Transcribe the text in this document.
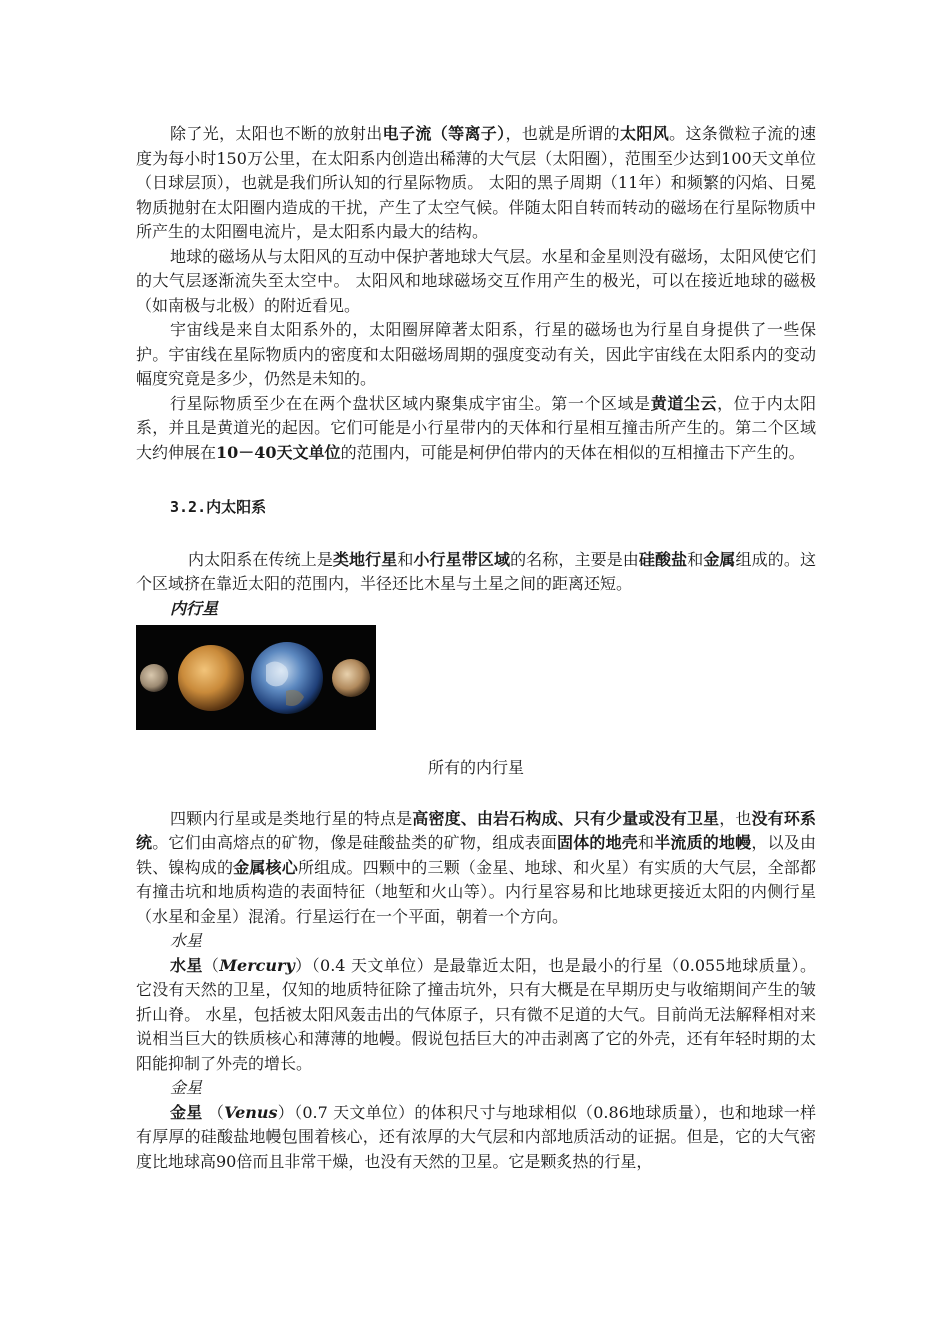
除了光，太阳也不断的放射出电子流（等离子），也就是所谓的太阳风。这条微粒子流的速度为每小时150万公里，在太阳系内创造出稀薄的大气层（太阳圈），范围至少达到100天文单位（日球层顶），也就是我们所认知的行星际物质。 太阳的黑子周期（11年）和频繁的闪焰、日冕物质抛射在太阳圈内造成的干扰，产生了太空气候。伴随太阳自转而转动的磁场在行星际物质中所产生的太阳圈电流片，是太阳系内最大的结构。

地球的磁场从与太阳风的互动中保护著地球大气层。水星和金星则没有磁场，太阳风使它们的大气层逐渐流失至太空中。 太阳风和地球磁场交互作用产生的极光，可以在接近地球的磁极（如南极与北极）的附近看见。

宇宙线是来自太阳系外的，太阳圈屏障著太阳系，行星的磁场也为行星自身提供了一些保护。宇宙线在星际物质内的密度和太阳磁场周期的强度变动有关，因此宇宙线在太阳系内的变动幅度究竟是多少，仍然是未知的。

行星际物质至少在在两个盘状区域内聚集成宇宙尘。第一个区域是黄道尘云，位于内太阳系，并且是黄道光的起因。它们可能是小行星带内的天体和行星相互撞击所产生的。第二个区域大约伸展在10－40天文单位的范围内，可能是柯伊伯带内的天体在相似的互相撞击下产生的。

3.2.内太阳系

内太阳系在传统上是类地行星和小行星带区域的名称，主要是由硅酸盐和金属组成的。这个区域挤在靠近太阳的范围内，半径还比木星与土星之间的距离还短。

内行星

所有的内行星

四颗内行星或是类地行星的特点是高密度、由岩石构成、只有少量或没有卫星，也没有环系统。它们由高熔点的矿物，像是硅酸盐类的矿物，组成表面固体的地壳和半流质的地幔，以及由铁、镍构成的金属核心所组成。四颗中的三颗（金星、地球、和火星）有实质的大气层，全部都有撞击坑和地质构造的表面特征（地堑和火山等）。内行星容易和比地球更接近太阳的内侧行星（水星和金星）混淆。行星运行在一个平面，朝着一个方向。

水星

水星（Mercury）（0.4 天文单位）是最靠近太阳，也是最小的行星（0.055地球质量）。它没有天然的卫星，仅知的地质特征除了撞击坑外，只有大概是在早期历史与收缩期间产生的皱折山脊。 水星，包括被太阳风轰击出的气体原子，只有微不足道的大气。目前尚无法解释相对来说相当巨大的铁质核心和薄薄的地幔。假说包括巨大的冲击剥离了它的外壳，还有年轻时期的太阳能抑制了外壳的增长。

金星

金星 （Venus）（0.7 天文单位）的体积尺寸与地球相似（0.86地球质量），也和地球一样有厚厚的硅酸盐地幔包围着核心，还有浓厚的大气层和内部地质活动的证据。但是，它的大气密度比地球高90倍而且非常干燥，也没有天然的卫星。它是颗炙热的行星，
